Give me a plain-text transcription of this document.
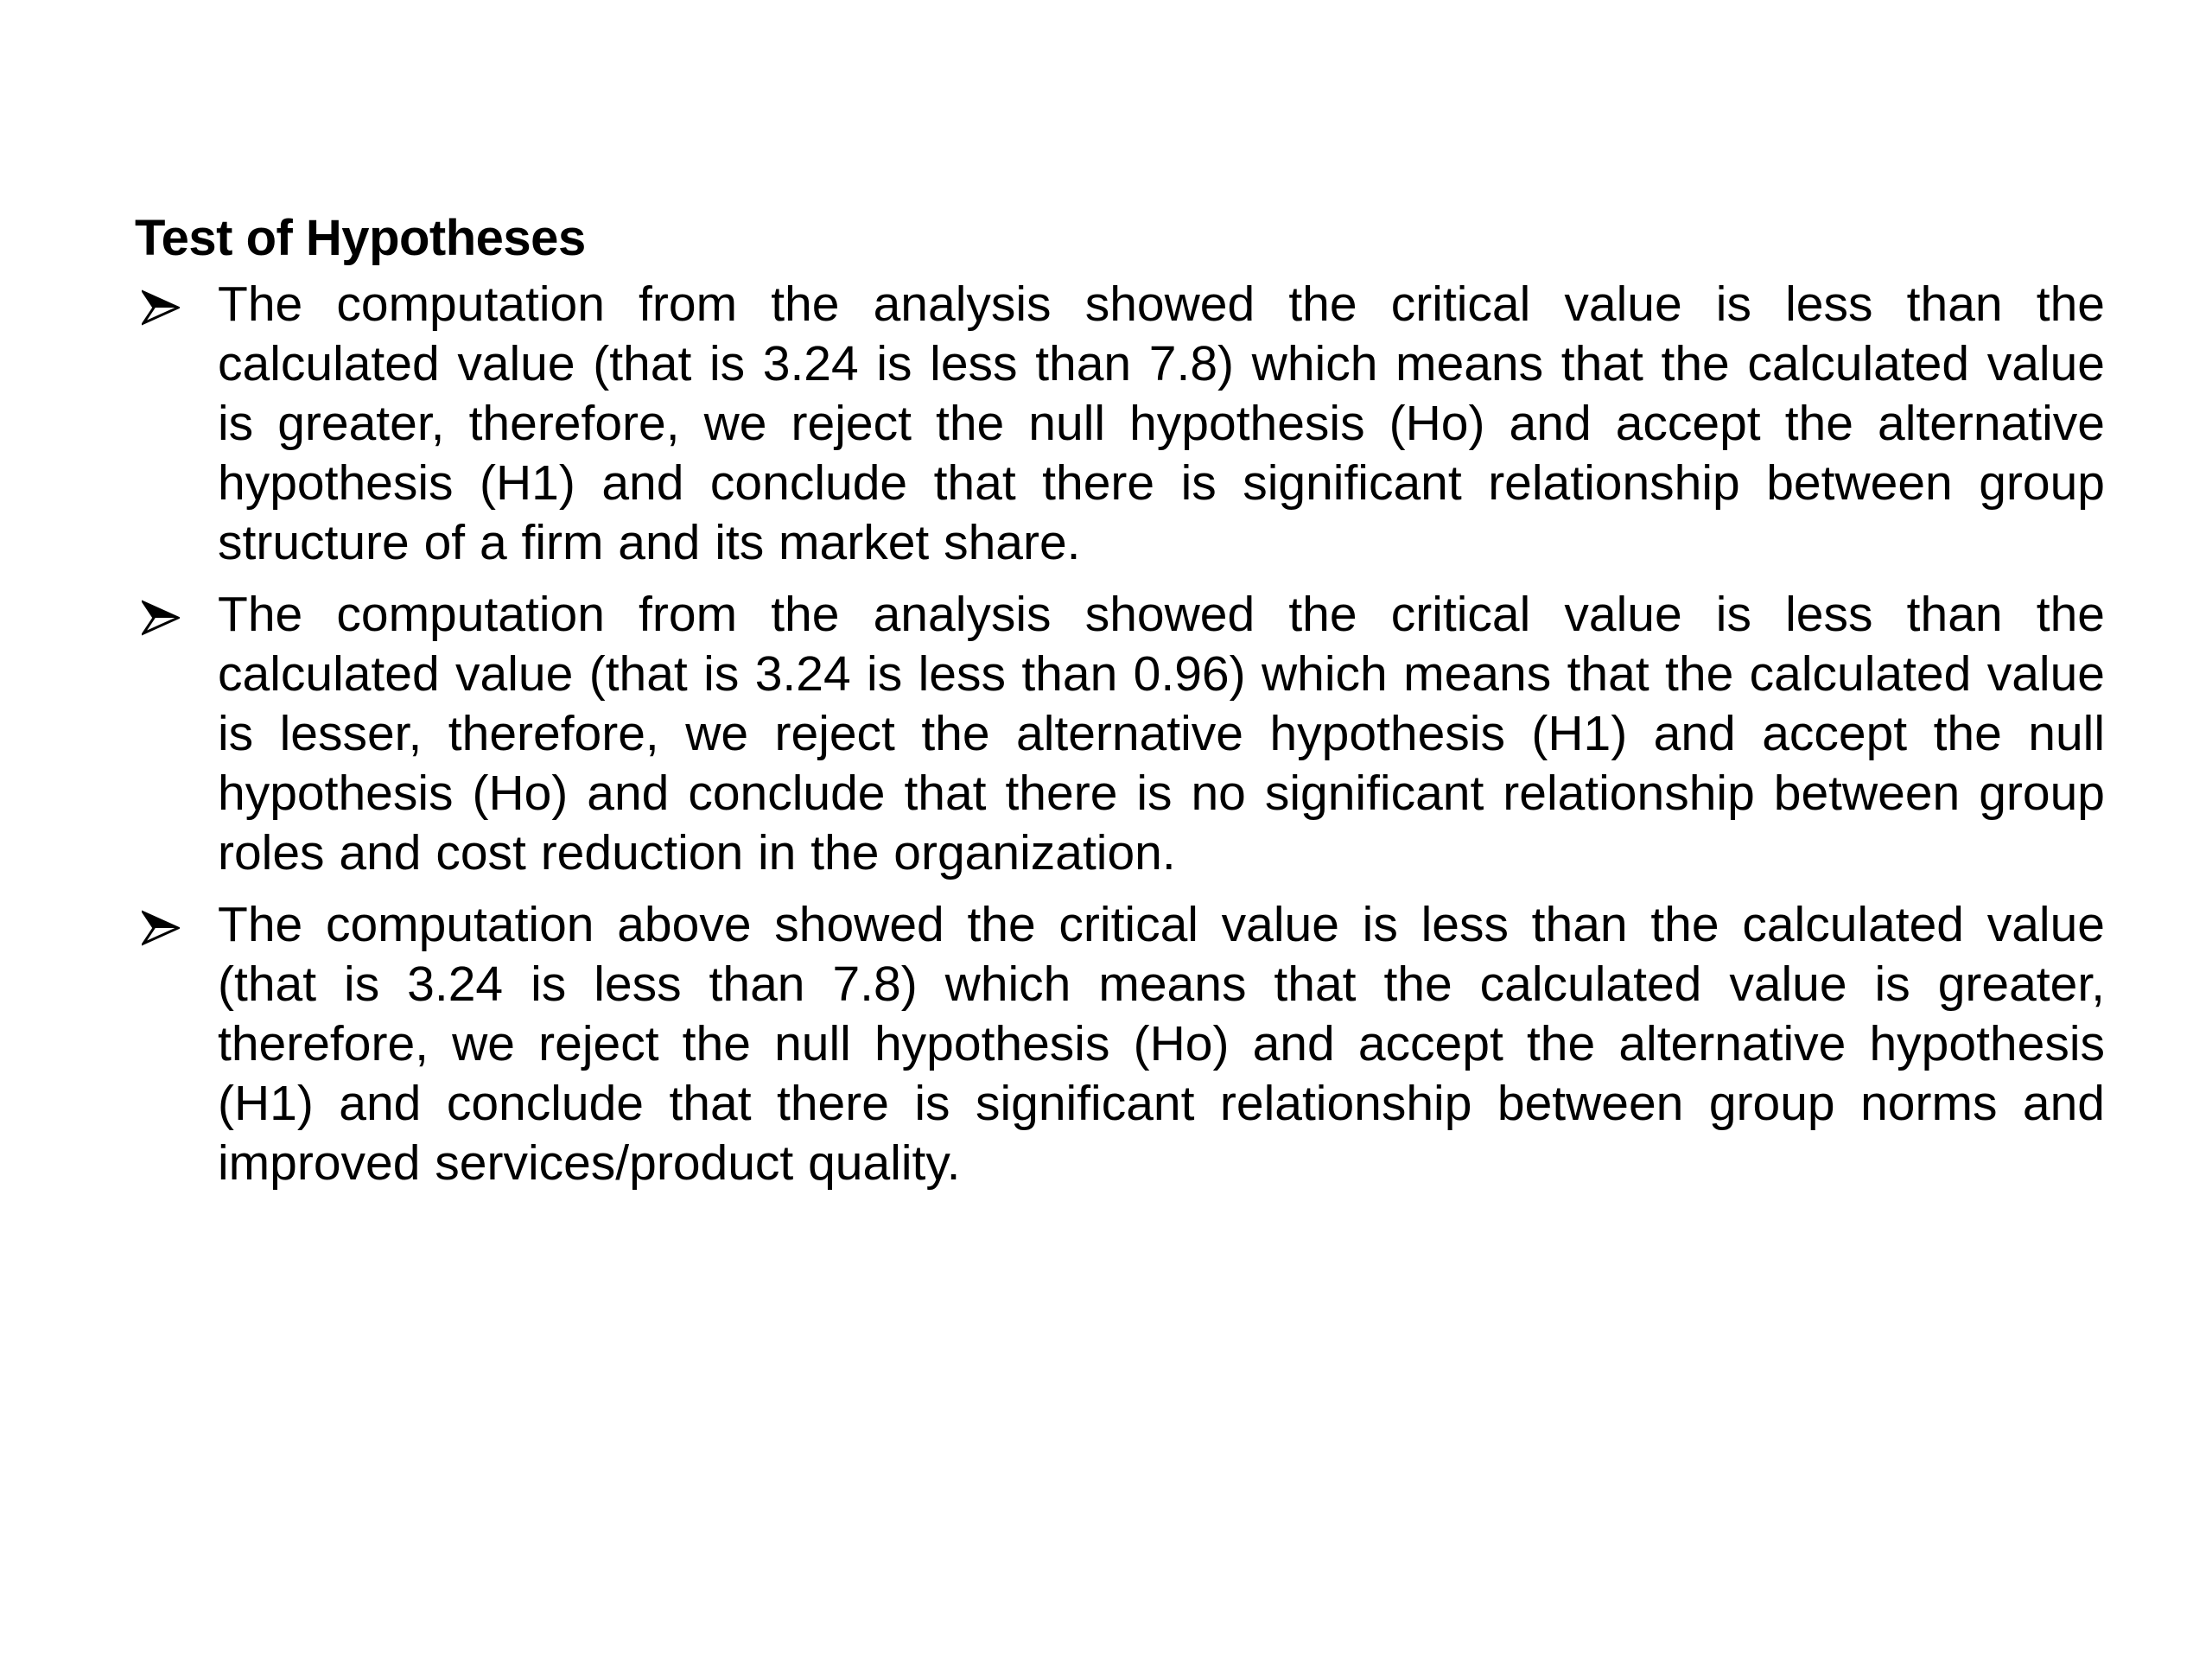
Test of Hypotheses
The computation from the analysis showed the critical value is less than the calculated value (that is 3.24 is less than 7.8) which means that the calculated value is greater, therefore, we reject the null hypothesis (Ho) and accept the alternative hypothesis (H1) and conclude that there is significant relationship between group structure of a firm and its market share.
The computation from the analysis showed the critical value is less than the calculated value (that is 3.24 is less than 0.96) which means that the calculated value is lesser, therefore, we reject the alternative hypothesis (H1) and accept the null hypothesis (Ho) and conclude that there is no significant relationship between group roles and cost reduction in the organization.
The computation above showed the critical value is less than the calculated value (that is 3.24 is less than 7.8) which means that the calculated value is greater, therefore, we reject the null hypothesis (Ho) and accept the alternative hypothesis (H1) and conclude that there is significant relationship between group norms and improved services/product quality.
